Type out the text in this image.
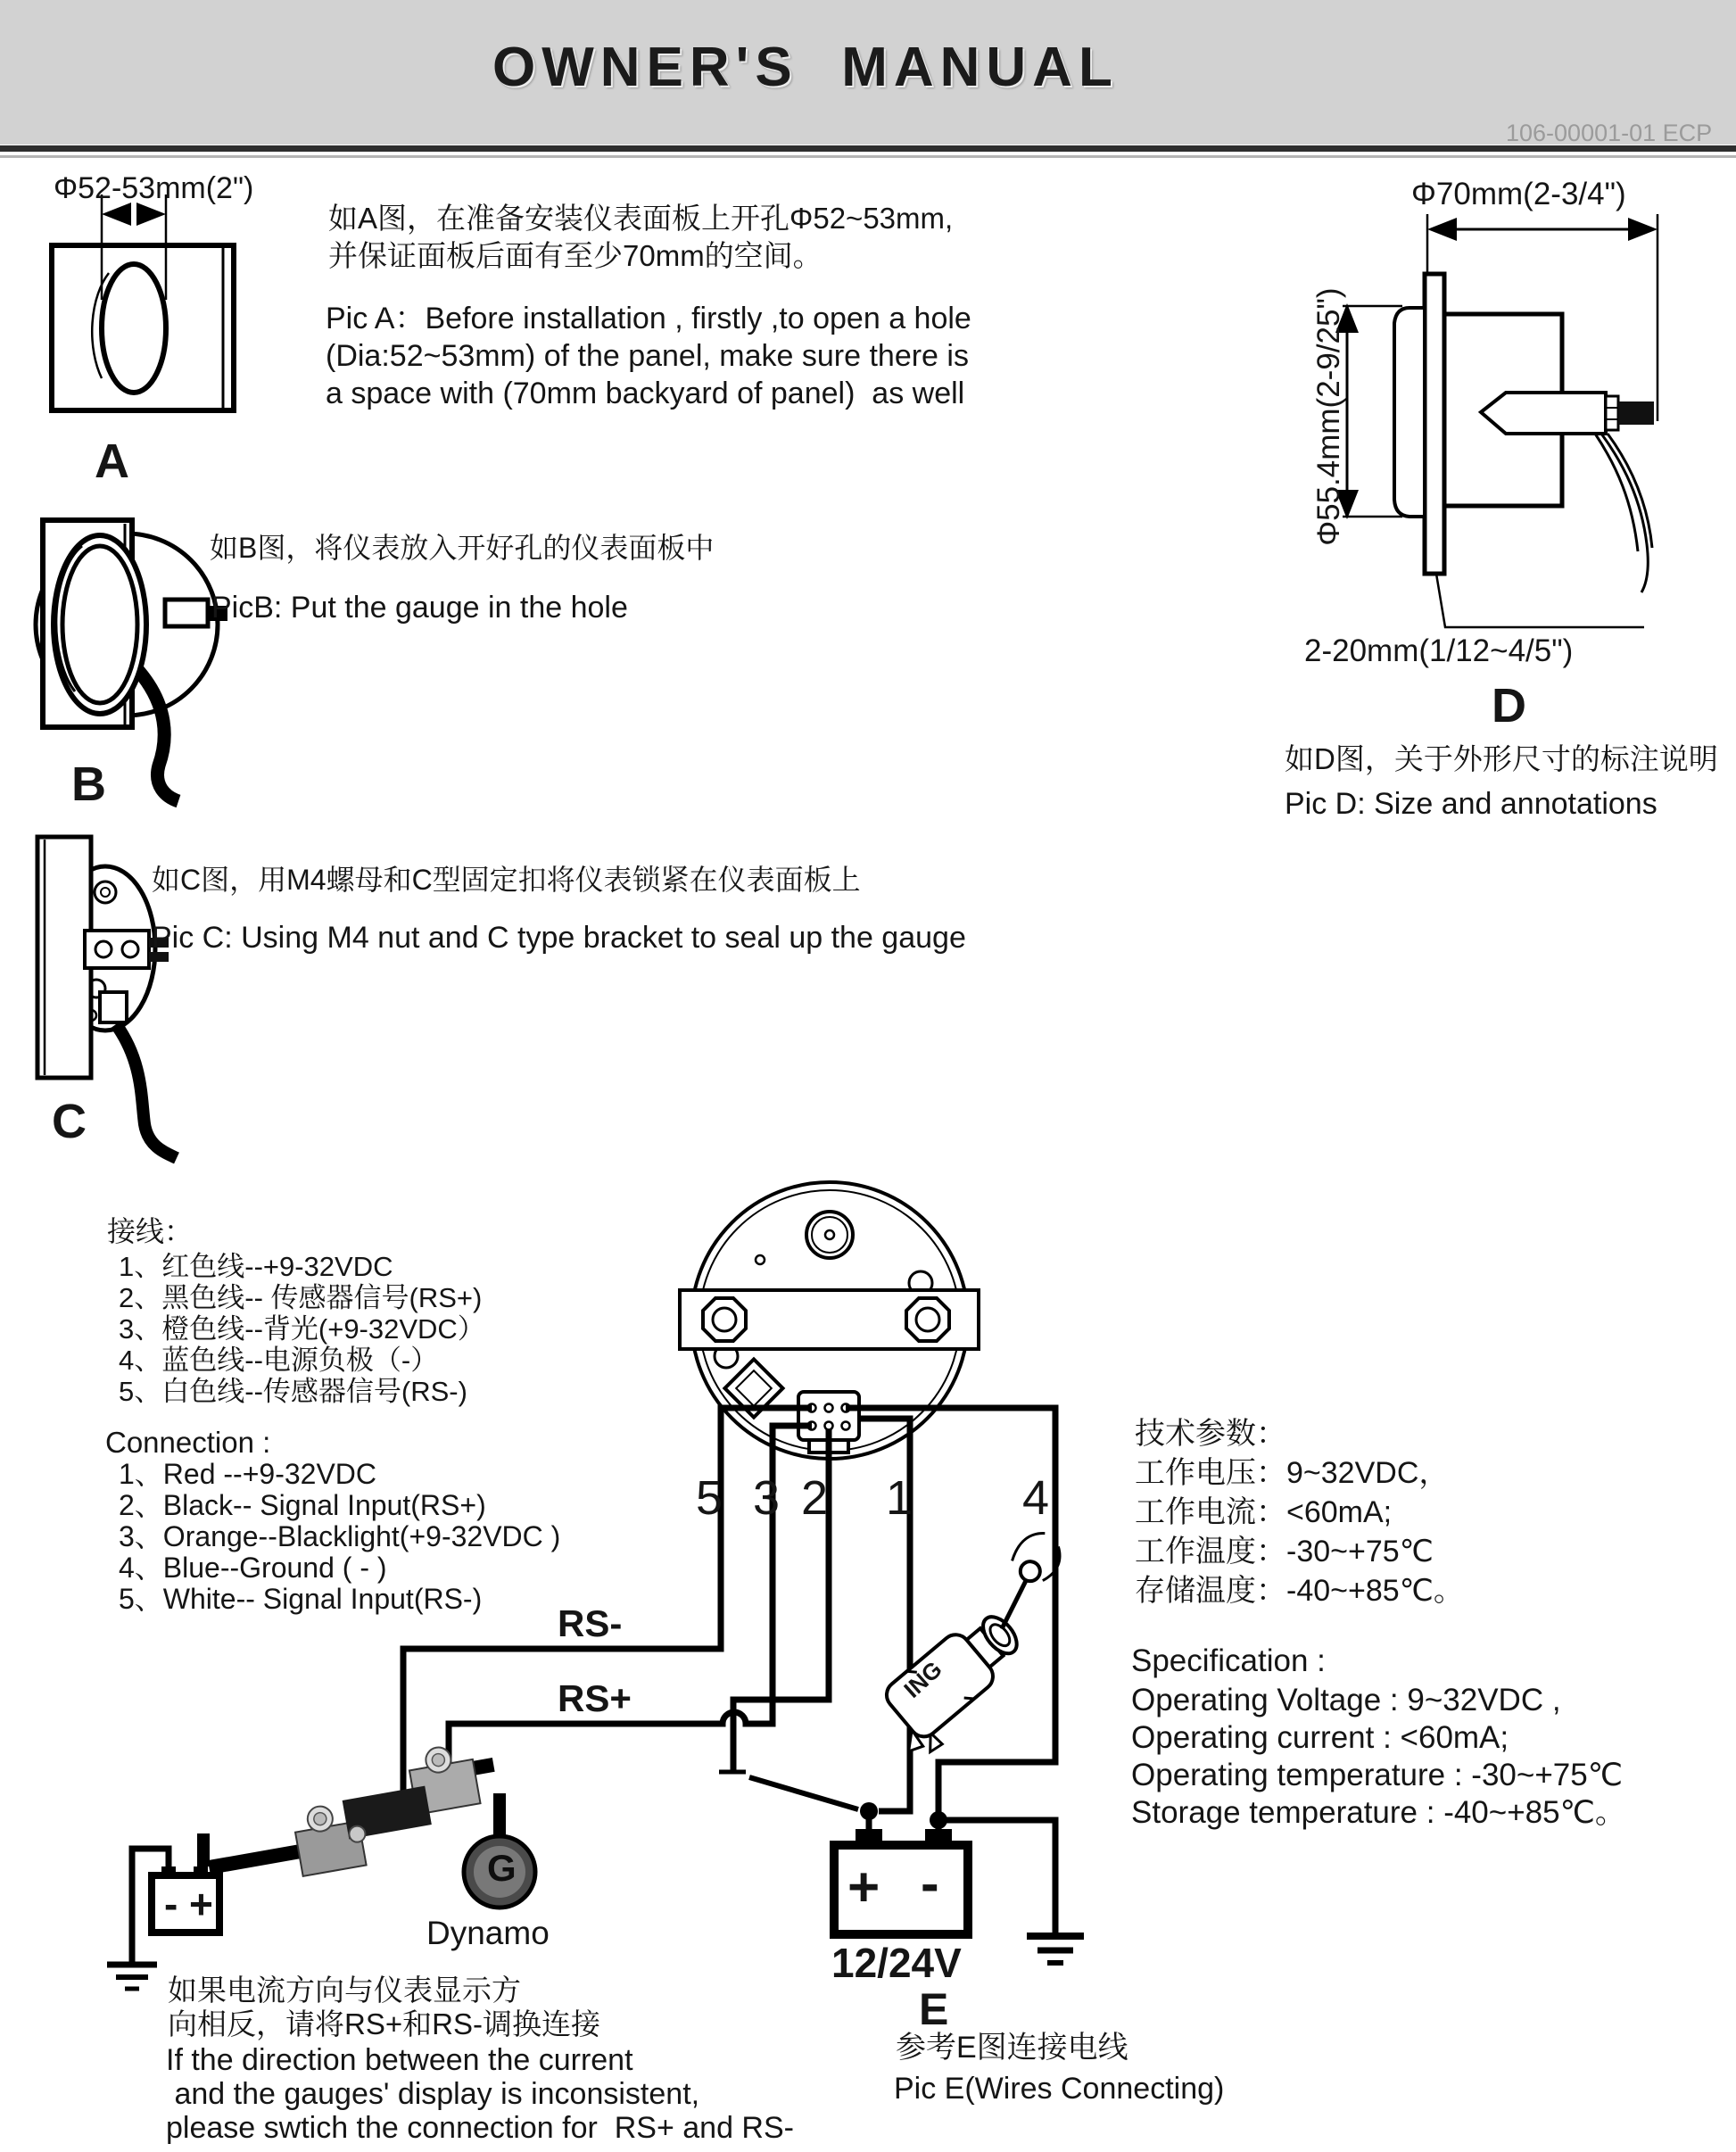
OWNER'S  MANUAL
106-00001-01 ECP
Φ52-53mm(2")
A
如A图，在准备安装仪表面板上开孔Φ52~53mm,
并保证面板后面有至少70mm的空间。
Pic A：Before installation , firstly ,to open a hole
(Dia:52~53mm) of the panel, make sure there is
a space with (70mm backyard of panel)  as well
如B图，将仪表放入开好孔的仪表面板中
PicB: Put the gauge in the hole
B
如C图，用M4螺母和C型固定扣将仪表锁紧在仪表面板上
Pic C: Using M4 nut and C type bracket to seal up the gauge
C
Φ70mm(2-3/4")
Φ55.4mm(2-9/25")
2-20mm(1/12~4/5")
D
如D图，关于外形尺寸的标注说明
Pic D: Size and annotations
接线：
1、红色线--+9-32VDC
2、黑色线-- 传感器信号(RS+)
3、橙色线--背光(+9-32VDC）
4、蓝色线--电源负极（-）
5、白色线--传感器信号(RS-)
Connection :
1、Red --+9-32VDC
2、Black-- Signal Input(RS+)
3、Orange--Blacklight(+9-32VDC )
4、Blue--Ground ( - )
5、White-- Signal Input(RS-)
5 3 2 1 4
RS-
RS+	ING
G
Dynamo
- +	+ -
12/24V
E
技术参数：
工作电压：9~32VDC，
工作电流：<60mA;
工作温度：-30~+75℃
存储温度：-40~+85℃。
Specification :
Operating Voltage : 9~32VDC ,
Operating current : <60mA;
Operating temperature : -30~+75℃
Storage temperature : -40~+85℃。
如果电流方向与仪表显示方
向相反，请将RS+和RS-调换连接
If the direction between the current
and the gauges' display is inconsistent,
please swtich the connection for  RS+ and RS-
参考E图连接电线
Pic E(Wires Connecting)
